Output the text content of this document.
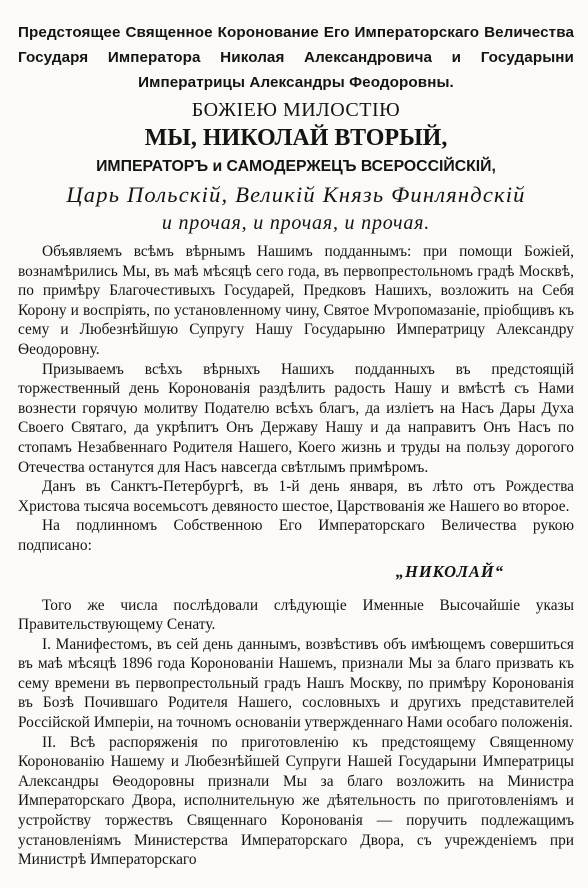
Предстоящее Священное Коронование Его Императорскаго Величества Государя Императора Николая Александровича и Государыни Императрицы Александры Феодоровны.

БОЖІЕЮ МИЛОСТІЮ

МЫ, НИКОЛАЙ ВТОРЫЙ,

ИМПЕРАТОРЪ и САМОДЕРЖЕЦЪ ВСЕРОССІЙСКІЙ,

Царь Польскій, Великій Князь Финляндскій

и прочая, и прочая, и прочая.

Объявляемъ всѣмъ вѣрнымъ Нашимъ подданнымъ: при помощи Божіей, вознамѣрились Мы, въ маѣ мѣсяцѣ сего года, въ первопрестольномъ градѣ Москвѣ, по примѣру Благочестивыхъ Государей, Предковъ Нашихъ, возложить на Себя Корону и воспріять, по установленному чину, Святое Мѵропомазаніе, пріобщивъ къ сему и Любезнѣйшую Супругу Нашу Государыню Императрицу Александру Ѳеодоровну.

Призываемъ всѣхъ вѣрныхъ Нашихъ подданныхъ въ предстоящій торжественный день Коронованія раздѣлить радость Нашу и вмѣстѣ съ Нами вознести горячую молитву Подателю всѣхъ благъ, да изліетъ на Насъ Дары Духа Своего Святаго, да укрѣпитъ Онъ Державу Нашу и да направитъ Онъ Насъ по стопамъ Незабвеннаго Родителя Нашего, Коего жизнь и труды на пользу дорогого Отечества останутся для Насъ навсегда свѣтлымъ примѣромъ.

Данъ въ Санктъ-Петербургѣ, въ 1-й день января, въ лѣто отъ Рождества Христова тысяча восемьсотъ девяносто шестое, Царствованія же Нашего во второе.

На подлинномъ Собственною Его Императорскаго Величества рукою подписано:

„НИКОЛАЙ“

Того же числа послѣдовали слѣдующіе Именные Высочайшіе указы Правительствующему Сенату.

I. Манифестомъ, въ сей день даннымъ, возвѣстивъ объ имѣющемъ совершиться въ маѣ мѣсяцѣ 1896 года Коронованіи Нашемъ, признали Мы за благо призвать къ сему времени въ первопрестольный градъ Нашъ Москву, по примѣру Коронованія въ Бозѣ Почившаго Родителя Нашего, сословныхъ и другихъ представителей Россійской Имперіи, на точномъ основаніи утвержденнаго Нами особаго положенія.

II. Всѣ распоряженія по приготовленію къ предстоящему Священному Коронованію Нашему и Любезнѣйшей Супруги Нашей Государыни Императрицы Александры Ѳеодоровны признали Мы за благо возложить на Министра Императорскаго Двора, исполнительную же дѣятельность по приготовленіямъ и устройству торжествъ Священнаго Коронованія — поручить подлежащимъ установленіямъ Министерства Императорскаго Двора, съ учрежденіемъ при Министрѣ Императорскаго
